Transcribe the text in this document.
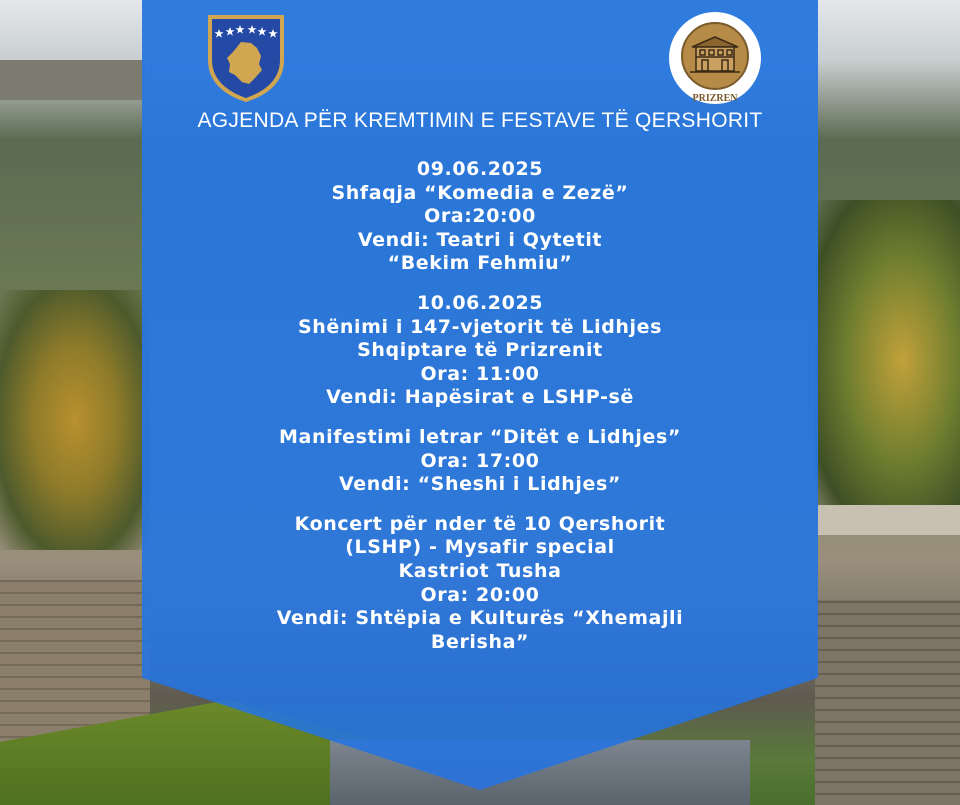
PRIZREN
AGJENDA PËR KREMTIMIN E FESTAVE TË QERSHORIT
09.06.2025
Shfaqja “Komedia e Zezë”
Ora:20:00
Vendi: Teatri i Qytetit
“Bekim Fehmiu”
10.06.2025
Shënimi i 147-vjetorit të Lidhjes
Shqiptare të Prizrenit
Ora: 11:00
Vendi: Hapësirat e LSHP-së
Manifestimi letrar “Ditët e Lidhjes”
Ora: 17:00
Vendi: “Sheshi i Lidhjes”
Koncert për nder të 10 Qershorit
(LSHP) - Mysafir special
Kastriot Tusha
Ora: 20:00
Vendi: Shtëpia e Kulturës “Xhemajli
Berisha”
